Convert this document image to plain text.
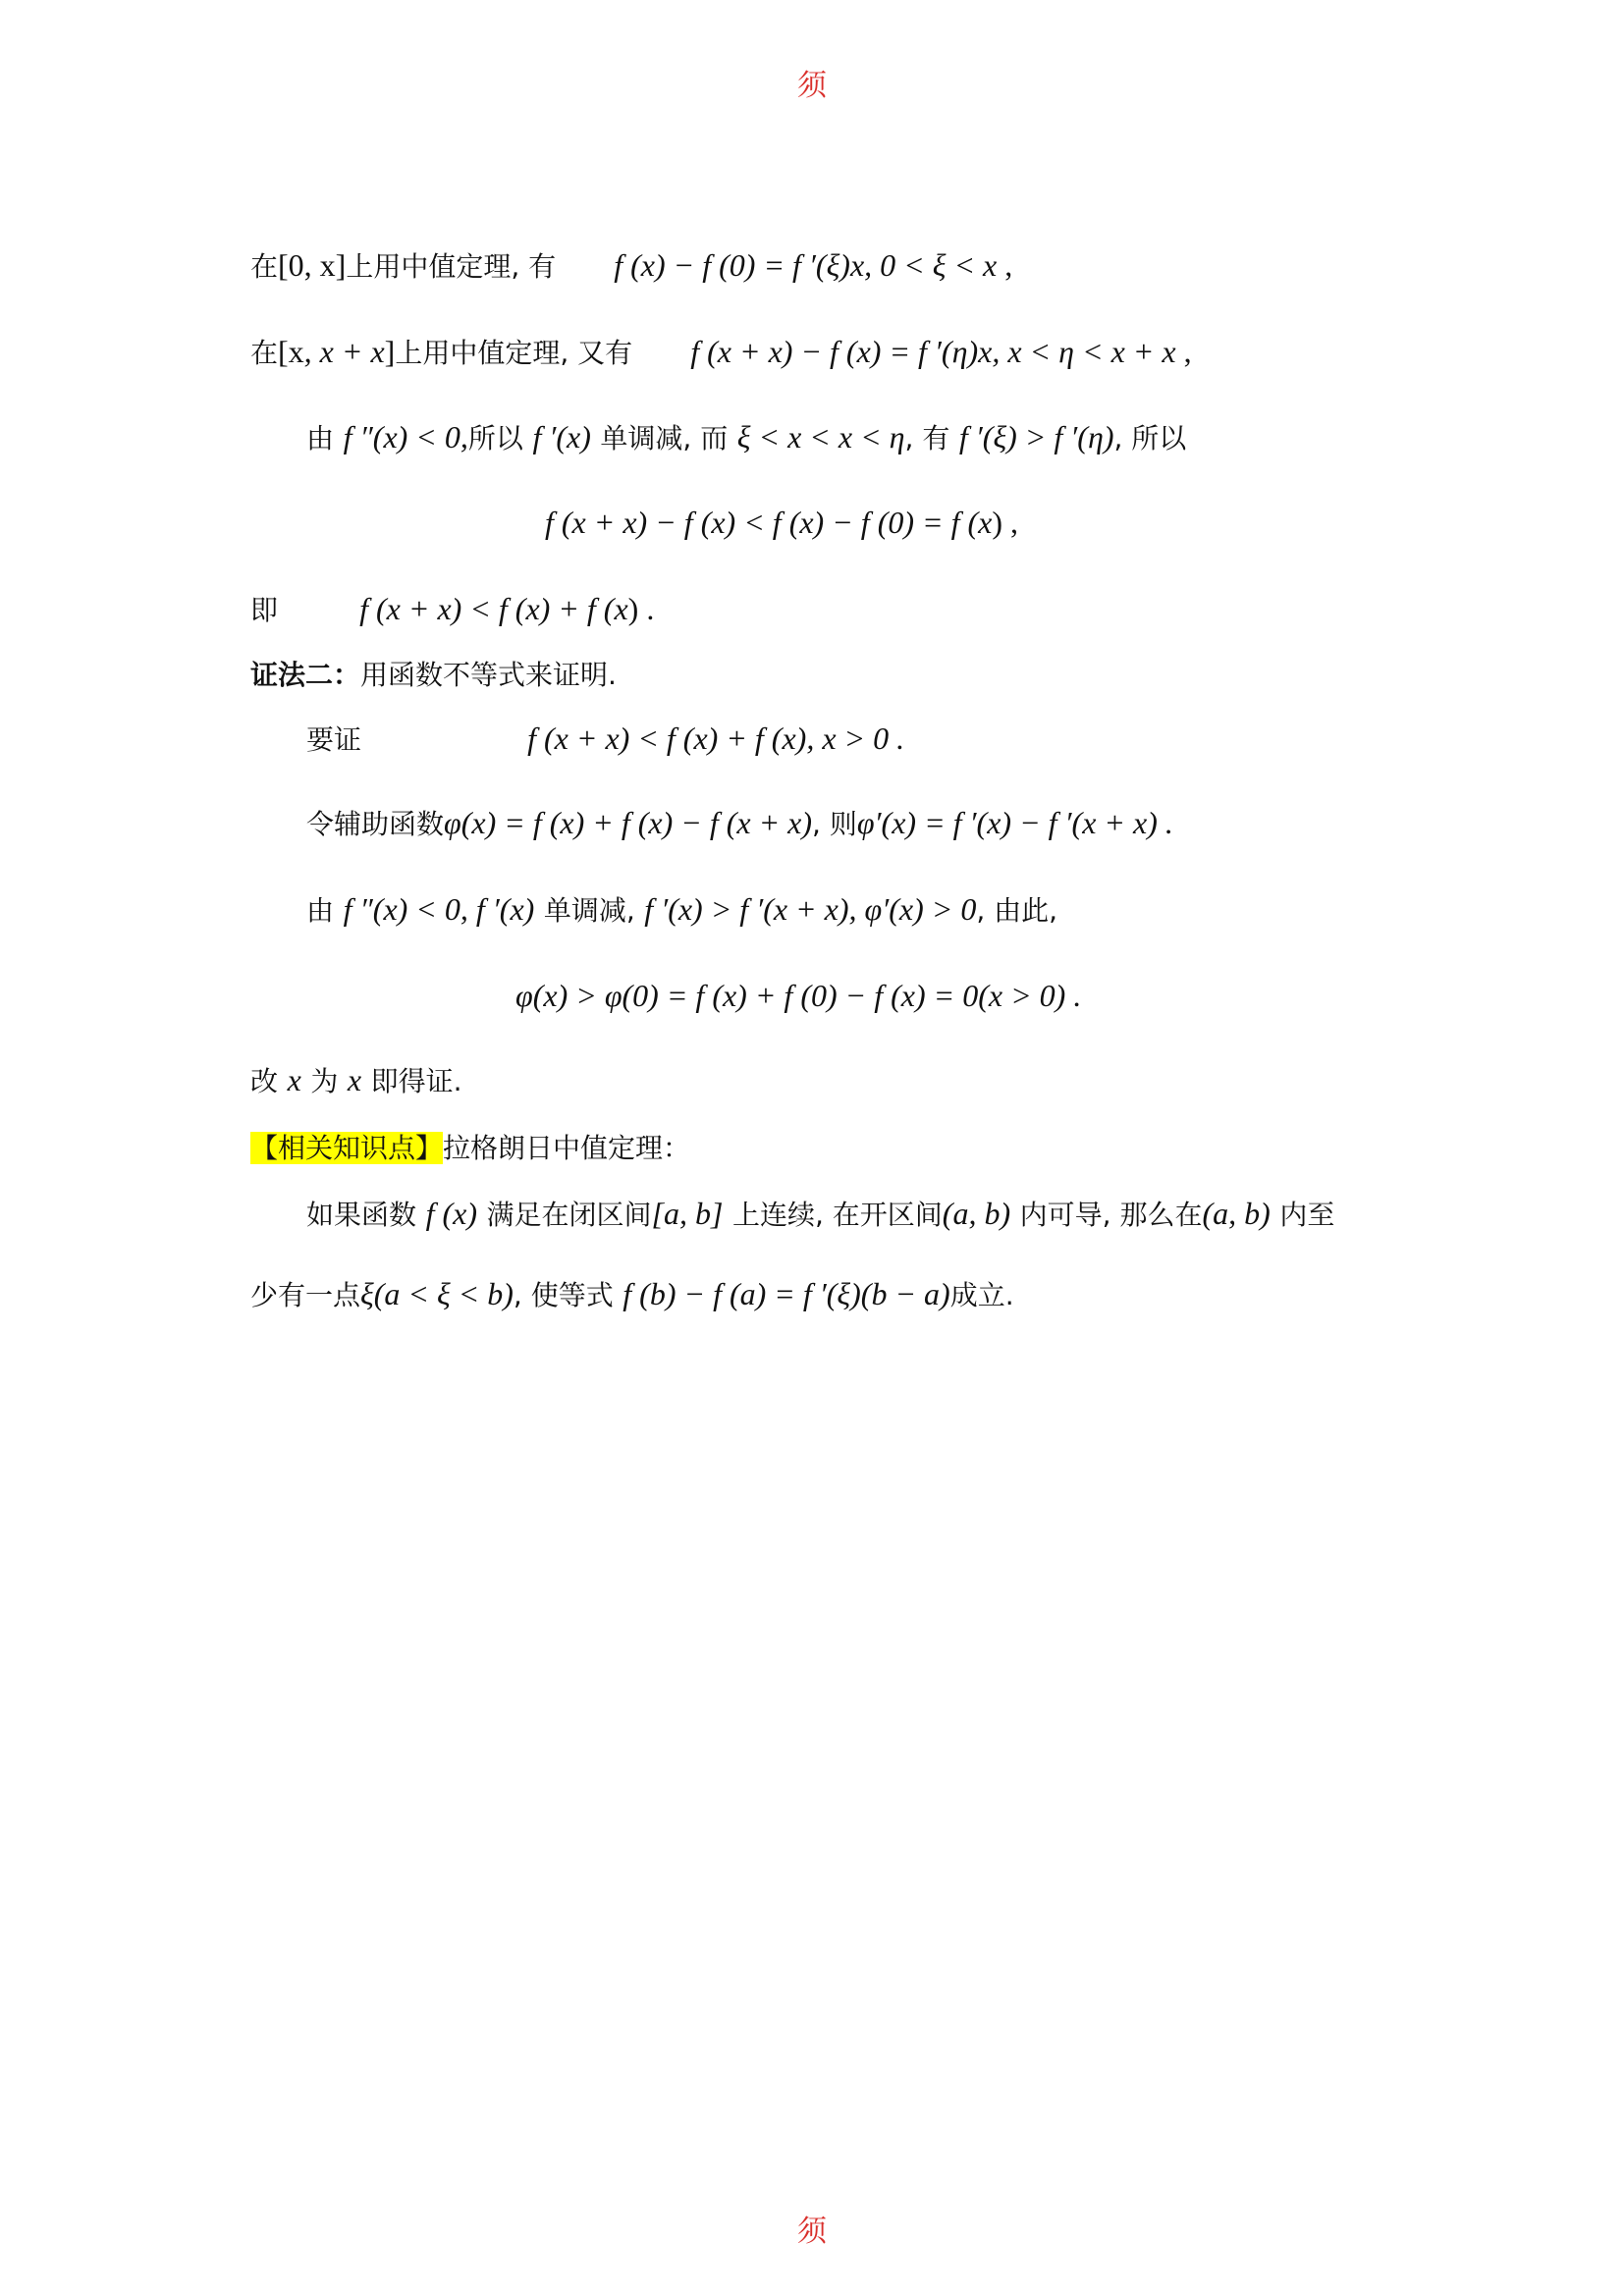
须
在[0, x]上用中值定理, 有 f (x) − f (0) = f ′(ξ)x, 0 < ξ < x ,
在[x, x + x]上用中值定理, 又有 f (x + x) − f (x) = f ′(η)x, x < η < x + x ,
由 f ″(x) < 0,所以 f ′(x) 单调减, 而 ξ < x < x < η, 有 f ′(ξ) > f ′(η), 所以
f (x + x) − f (x) < f (x) − f (0) = f (x) ,
即	f (x + x) < f (x) + f (x) .
证法二：用函数不等式来证明.
要证	f (x + x) < f (x) + f (x), x > 0 .
令辅助函数φ(x) = f (x) + f (x) − f (x + x), 则φ′(x) = f ′(x) − f ′(x + x) .
由 f ″(x) < 0, f ′(x) 单调减, f ′(x) > f ′(x + x), φ′(x) > 0, 由此,
φ(x) > φ(0) = f (x) + f (0) − f (x) = 0(x > 0) .
改 x 为 x 即得证.
【相关知识点】拉格朗日中值定理：
如果函数 f (x) 满足在闭区间[a, b] 上连续, 在开区间(a, b) 内可导, 那么在(a, b) 内至
少有一点ξ(a < ξ < b), 使等式 f (b) − f (a) = f ′(ξ)(b − a)成立.
须
